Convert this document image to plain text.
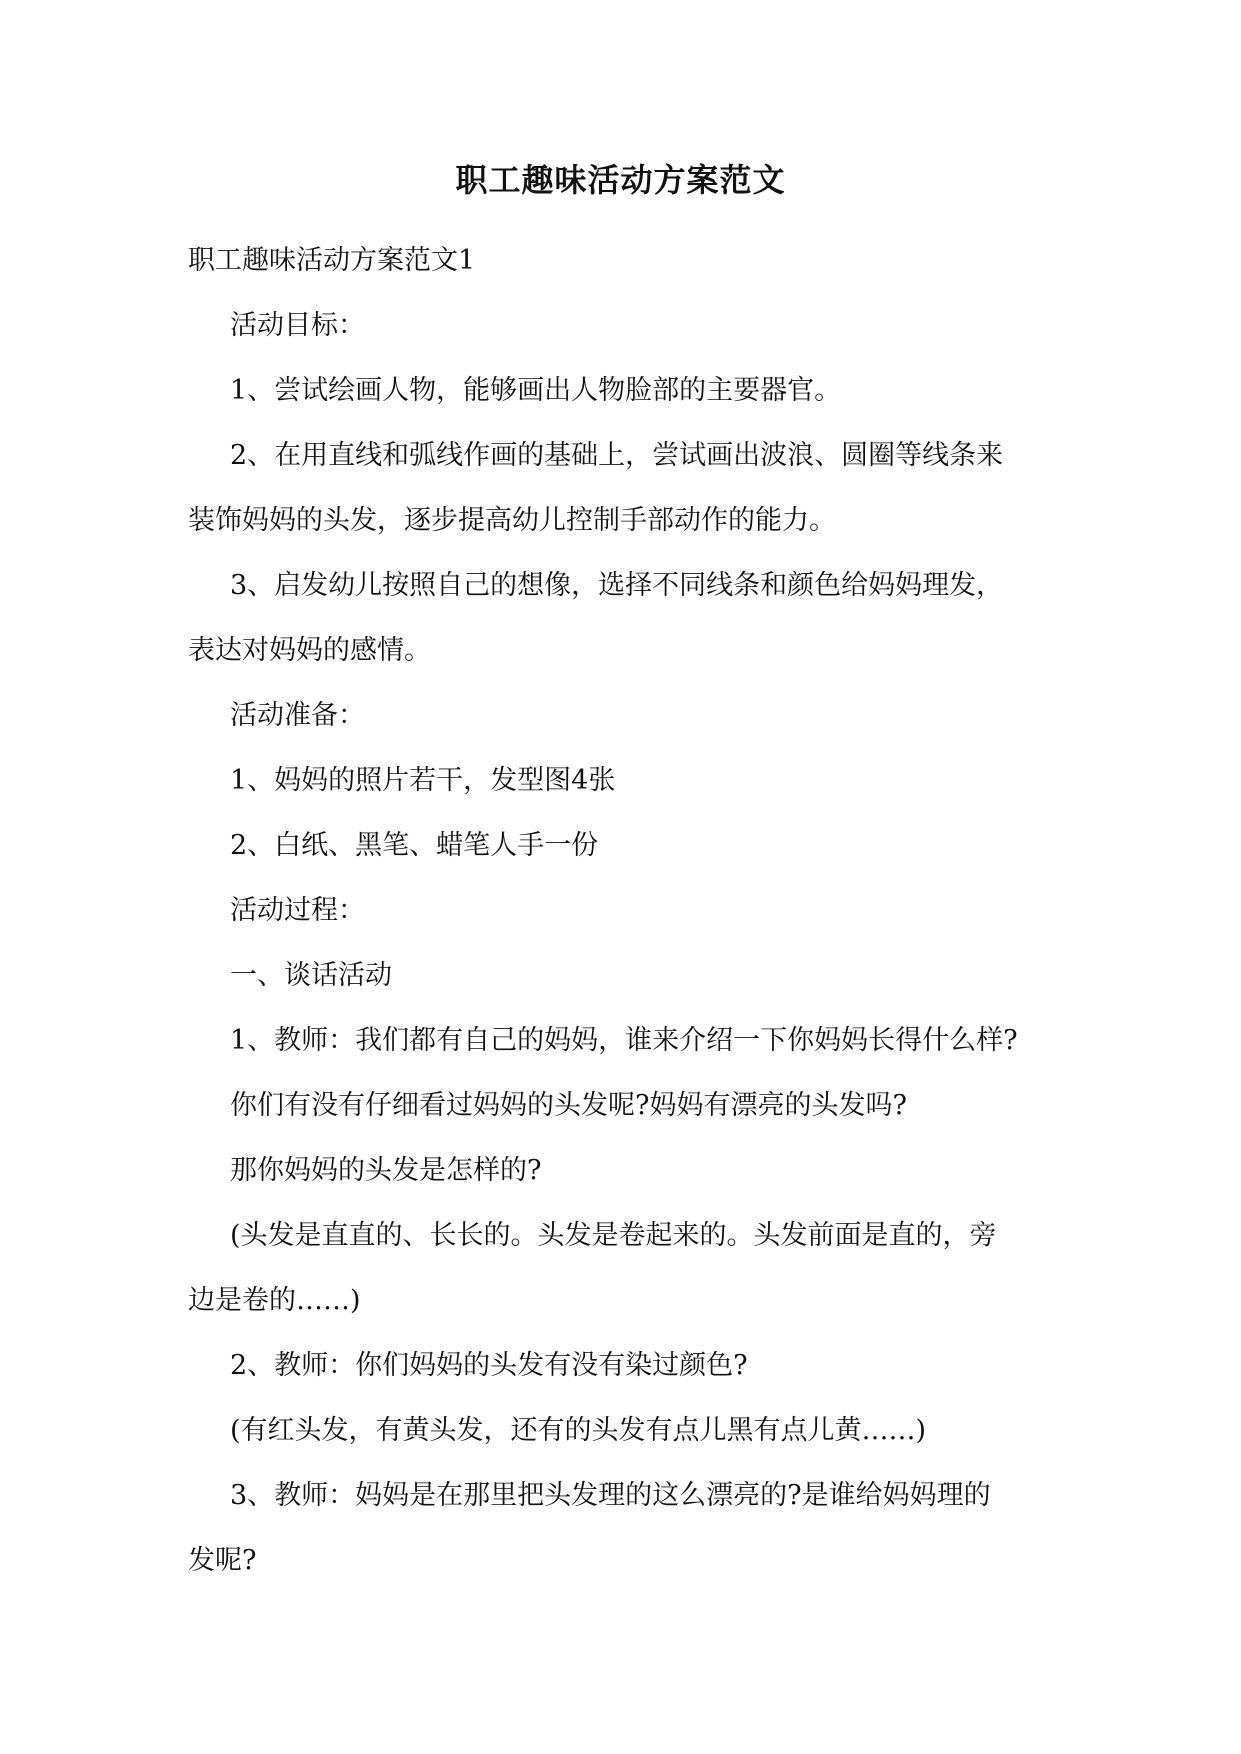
职工趣味活动方案范文

职工趣味活动方案范文1

活动目标：

1、尝试绘画人物，能够画出人物脸部的主要器官。

2、在用直线和弧线作画的基础上，尝试画出波浪、圆圈等线条来

装饰妈妈的头发，逐步提高幼儿控制手部动作的能力。

3、启发幼儿按照自己的想像，选择不同线条和颜色给妈妈理发，

表达对妈妈的感情。

活动准备：

1、妈妈的照片若干，发型图4张

2、白纸、黑笔、蜡笔人手一份

活动过程：

一、谈话活动

1、教师：我们都有自己的妈妈，谁来介绍一下你妈妈长得什么样?

你们有没有仔细看过妈妈的头发呢?妈妈有漂亮的头发吗?

那你妈妈的头发是怎样的?

(头发是直直的、长长的。头发是卷起来的。头发前面是直的，旁

边是卷的……)

2、教师：你们妈妈的头发有没有染过颜色?

(有红头发，有黄头发，还有的头发有点儿黑有点儿黄……)

3、教师：妈妈是在那里把头发理的这么漂亮的?是谁给妈妈理的

发呢?
